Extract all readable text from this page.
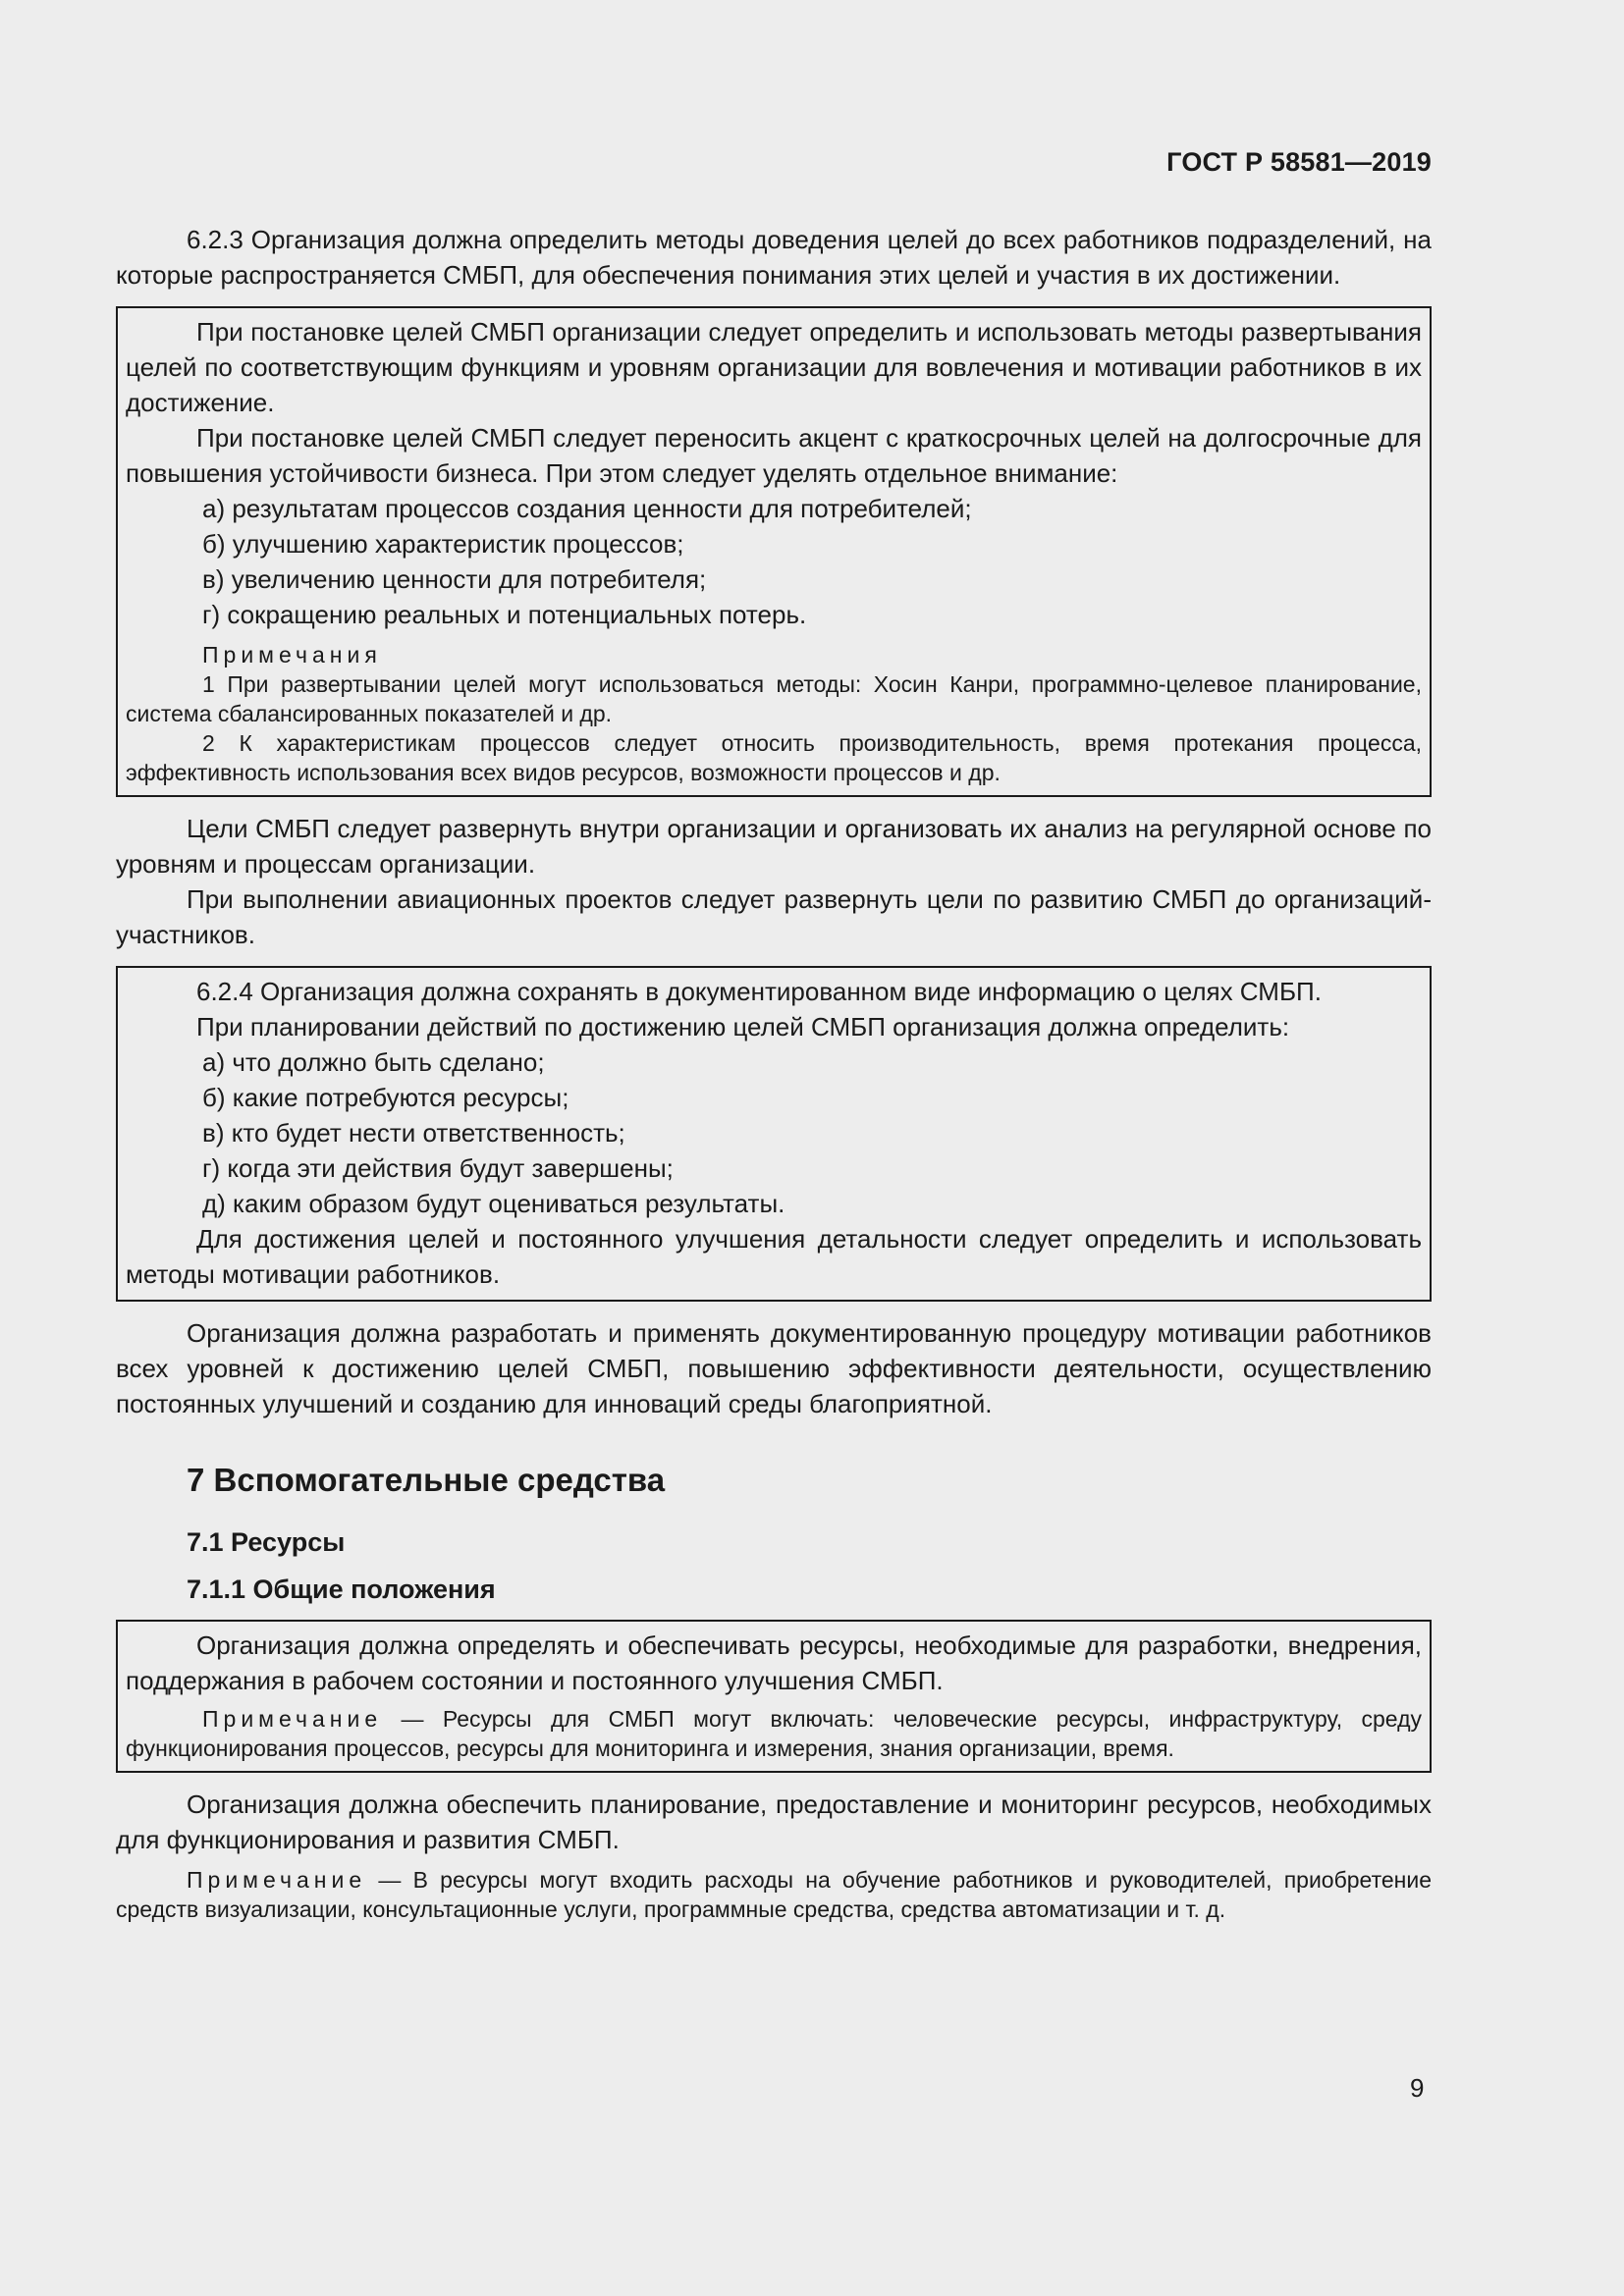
ГОСТ Р 58581—2019

6.2.3 Организация должна определить методы доведения целей до всех работников подразделений, на которые распространяется СМБП, для обеспечения понимания этих целей и участия в их достижении.

При постановке целей СМБП организации следует определить и использовать методы развертывания целей по соответствующим функциям и уровням организации для вовлечения и мотивации работников в их достижение.

При постановке целей СМБП следует переносить акцент с краткосрочных целей на долгосрочные для повышения устойчивости бизнеса. При этом следует уделять отдельное внимание:

а) результатам процессов создания ценности для потребителей;

б) улучшению характеристик процессов;

в) увеличению ценности для потребителя;

г) сокращению реальных и потенциальных потерь.

Примечания

1 При развертывании целей могут использоваться методы: Хосин Канри, программно-целевое планирование, система сбалансированных показателей и др.

2 К характеристикам процессов следует относить производительность, время протекания процесса, эффективность использования всех видов ресурсов, возможности процессов и др.

Цели СМБП следует развернуть внутри организации и организовать их анализ на регулярной основе по уровням и процессам организации.

При выполнении авиационных проектов следует развернуть цели по развитию СМБП до организаций-участников.

6.2.4 Организация должна сохранять в документированном виде информацию о целях СМБП.

При планировании действий по достижению целей СМБП организация должна определить:

а) что должно быть сделано;

б) какие потребуются ресурсы;

в) кто будет нести ответственность;

г) когда эти действия будут завершены;

д) каким образом будут оцениваться результаты.

Для достижения целей и постоянного улучшения детальности следует определить и использовать методы мотивации работников.

Организация должна разработать и применять документированную процедуру мотивации работников всех уровней к достижению целей СМБП, повышению эффективности деятельности, осуществлению постоянных улучшений и созданию для инноваций среды благоприятной.

7 Вспомогательные средства
7.1 Ресурсы
7.1.1 Общие положения

Организация должна определять и обеспечивать ресурсы, необходимые для разработки, внедрения, поддержания в рабочем состоянии и постоянного улучшения СМБП.

Примечание — Ресурсы для СМБП могут включать: человеческие ресурсы, инфраструктуру, среду функционирования процессов, ресурсы для мониторинга и измерения, знания организации, время.

Организация должна обеспечить планирование, предоставление и мониторинг ресурсов, необходимых для функционирования и развития СМБП.

Примечание — В ресурсы могут входить расходы на обучение работников и руководителей, приобретение средств визуализации, консультационные услуги, программные средства, средства автоматизации и т. д.

9
